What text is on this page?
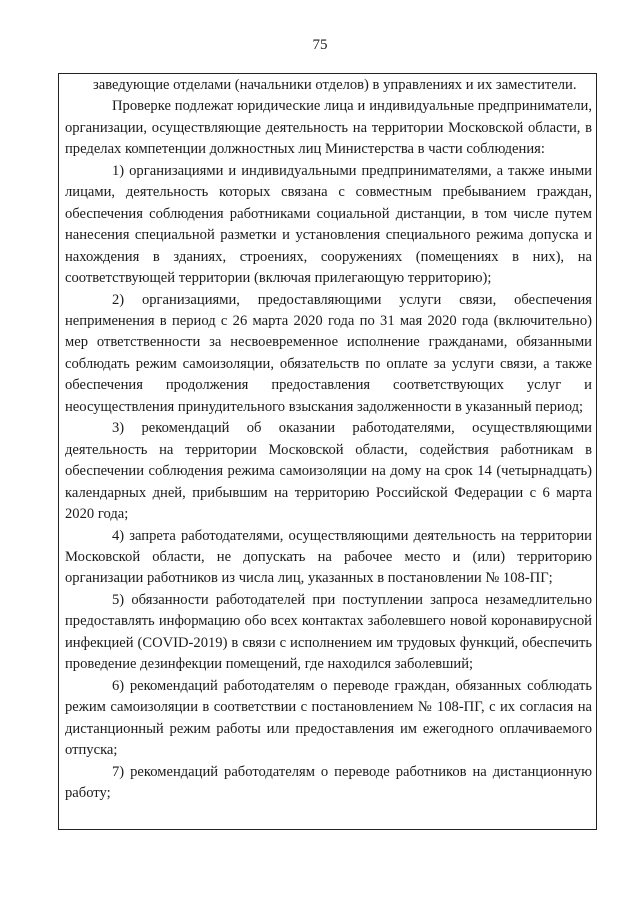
75

заведующие отделами (начальники отделов) в управлениях и их заместители.

Проверке подлежат юридические лица и индивидуальные предприниматели, организации, осуществляющие деятельность на территории Московской области, в пределах компетенции должностных лиц Министерства в части соблюдения:

1) организациями и индивидуальными предпринимателями, а также иными лицами, деятельность которых связана с совместным пребыванием граждан, обеспечения соблюдения работниками социальной дистанции, в том числе путем нанесения специальной разметки и установления специального режима допуска и нахождения в зданиях, строениях, сооружениях (помещениях в них), на соответствующей территории (включая прилегающую территорию);

2) организациями, предоставляющими услуги связи, обеспечения неприменения в период с 26 марта 2020 года по 31 мая 2020 года (включительно) мер ответственности за несвоевременное исполнение гражданами, обязанными соблюдать режим самоизоляции, обязательств по оплате за услуги связи, а также обеспечения продолжения предоставления соответствующих услуг и неосуществления принудительного взыскания задолженности в указанный период;

3) рекомендаций об оказании работодателями, осуществляющими деятельность на территории Московской области, содействия работникам в обеспечении соблюдения режима самоизоляции на дому на срок 14 (четырнадцать) календарных дней, прибывшим на территорию Российской Федерации с 6 марта 2020 года;

4) запрета работодателями, осуществляющими деятельность на территории Московской области, не допускать на рабочее место и (или) территорию организации работников из числа лиц, указанных в постановлении № 108-ПГ;

5) обязанности работодателей при поступлении запроса незамедлительно предоставлять информацию обо всех контактах заболевшего новой коронавирусной инфекцией (COVID-2019) в связи с исполнением им трудовых функций, обеспечить проведение дезинфекции помещений, где находился заболевший;

6) рекомендаций работодателям о переводе граждан, обязанных соблюдать режим самоизоляции в соответствии с постановлением № 108-ПГ, с их согласия на дистанционный режим работы или предоставления им ежегодного оплачиваемого отпуска;

7) рекомендаций работодателям о переводе работников на дистанционную работу;
